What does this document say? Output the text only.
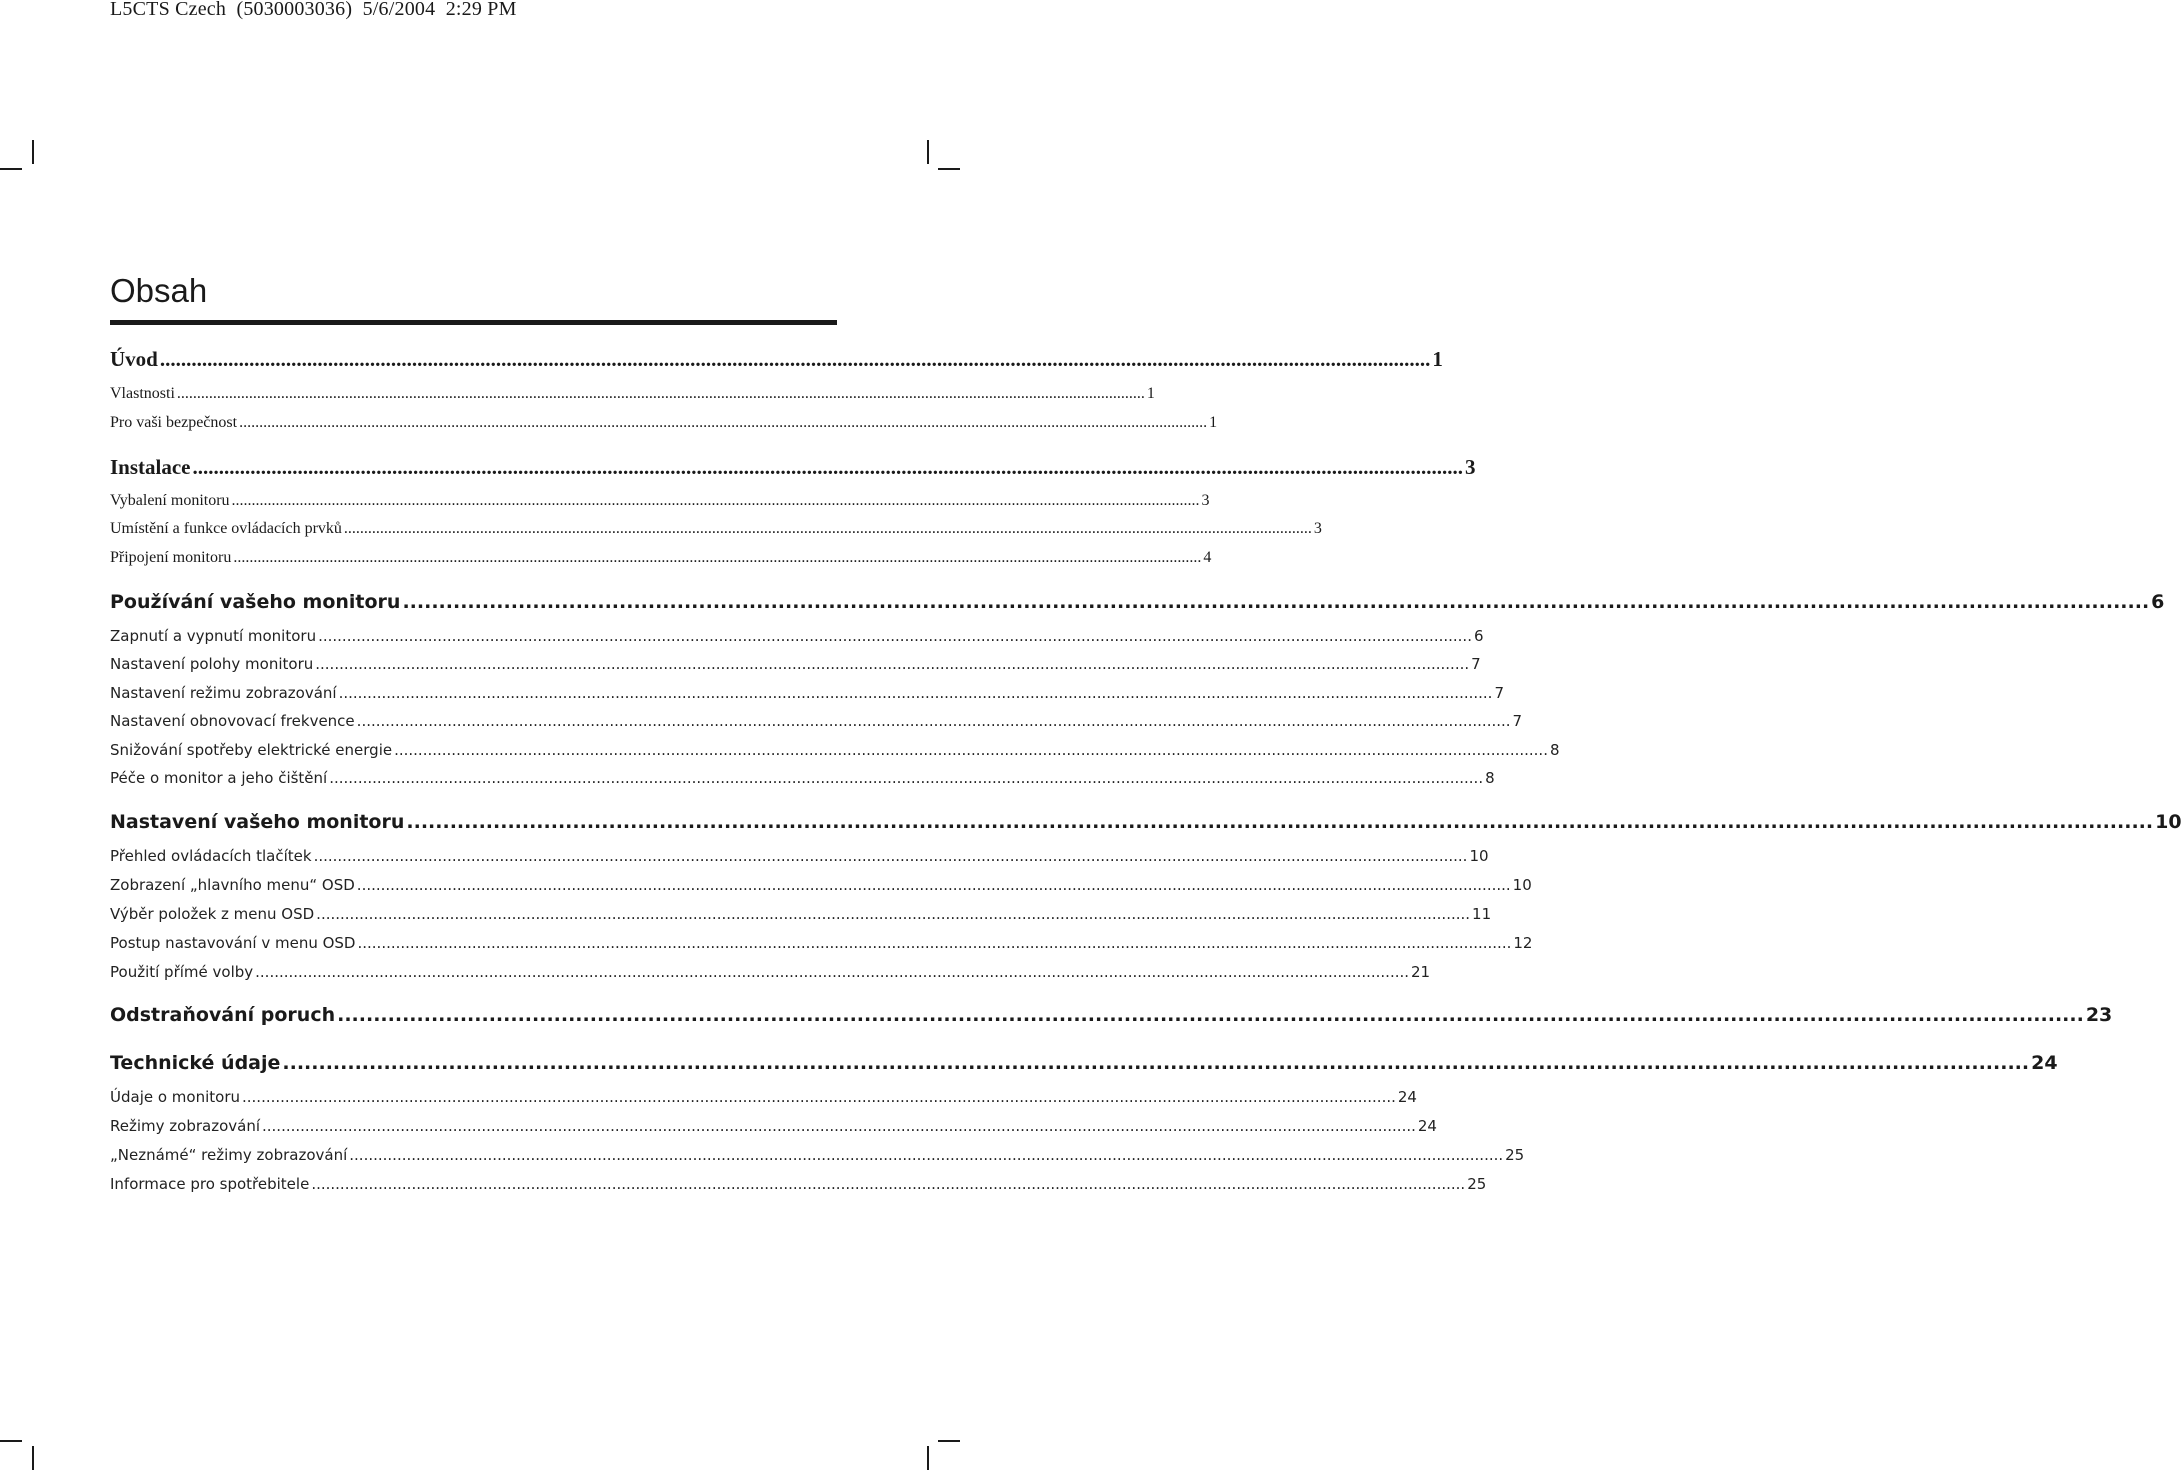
L5CTS Czech  (5030003036)  5/6/2004  2:29 PM
Obsah
Úvod .................................................................................................................................................................................................................................................. 1
Vlastnosti .................................................................................................................................................................................................................................................. 1
Pro vaši bezpečnost .................................................................................................................................................................................................................................................. 1
Instalace .................................................................................................................................................................................................................................................. 3
Vybalení monitoru .................................................................................................................................................................................................................................................. 3
Umístění a funkce ovládacích prvků .................................................................................................................................................................................................................................................. 3
Připojení monitoru .................................................................................................................................................................................................................................................. 4
Používání vašeho monitoru .................................................................................................................................................................................................................................................. 6
Zapnutí a vypnutí monitoru .................................................................................................................................................................................................................................................. 6
Nastavení polohy monitoru .................................................................................................................................................................................................................................................. 7
Nastavení režimu zobrazování .................................................................................................................................................................................................................................................. 7
Nastavení obnovovací frekvence .................................................................................................................................................................................................................................................. 7
Snižování spotřeby elektrické energie .................................................................................................................................................................................................................................................. 8
Péče o monitor a jeho čištění .................................................................................................................................................................................................................................................. 8
Nastavení vašeho monitoru .................................................................................................................................................................................................................................................. 10
Přehled ovládacích tlačítek .................................................................................................................................................................................................................................................. 10
Zobrazení „hlavního menu“ OSD .................................................................................................................................................................................................................................................. 10
Výběr položek z menu OSD .................................................................................................................................................................................................................................................. 11
Postup nastavování v menu OSD .................................................................................................................................................................................................................................................. 12
Použití přímé volby .................................................................................................................................................................................................................................................. 21
Odstraňování poruch .................................................................................................................................................................................................................................................. 23
Technické údaje .................................................................................................................................................................................................................................................. 24
Údaje o monitoru .................................................................................................................................................................................................................................................. 24
Režimy zobrazování .................................................................................................................................................................................................................................................. 24
„Neznámé“ režimy zobrazování .................................................................................................................................................................................................................................................. 25
Informace pro spotřebitele .................................................................................................................................................................................................................................................. 25
